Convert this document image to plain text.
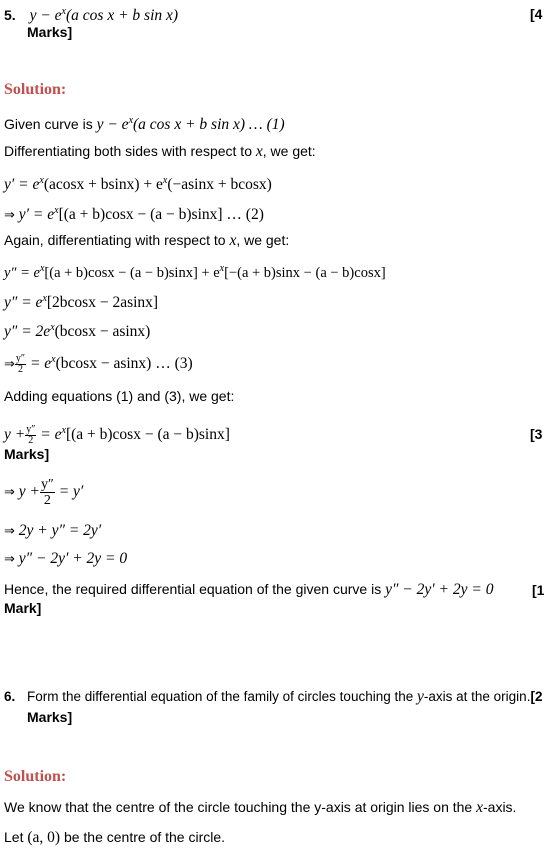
5. $y - e^x(a$ cos x + b sin x)	[4
Marks]
Solution:
Given curve is $y - e^x(a$ cos x + b sin x) … (1)
Differentiating both sides with respect to x, we get:
$y' = e^x(acosx + bsinx) + e^x(-asinx + bcosx)$
⇒ $y' = e^x[(a + b)\cos x - (a - b)\sin x]$ … (2)
Again, differentiating with respect to x, we get:
$y'' = e^x[(a + b)\cos x - (a - b)\sin x] + e^x[-(a + b)\sin x - (a - b)\cos x]$
$y'' = e^x[2bcosx - 2asinx]$
$y'' = 2e^x(bcosx - asinx)$
⇒ $\frac{y''}{2} = e^x(bcosx - asinx)$ … (3)
Adding equations (1) and (3), we get:
$y + \frac{y''}{2} = e^x[(a + b)\cos x - (a - b)\sin x]$	[3
Marks]
⇒ $y + \frac{y''}{2} = y'$
⇒ 2y + y″ = 2y′
⇒ y″ − 2y′ + 2y = 0
Hence, the required differential equation of the given curve is y″ − 2y′ + 2y = 0	[1
Mark]
6. Form the differential equation of the family of circles touching the y-axis at the origin.[2
Marks]
Solution:
We know that the centre of the circle touching the y-axis at origin lies on the x-axis.
Let (a, 0) be the centre of the circle.
